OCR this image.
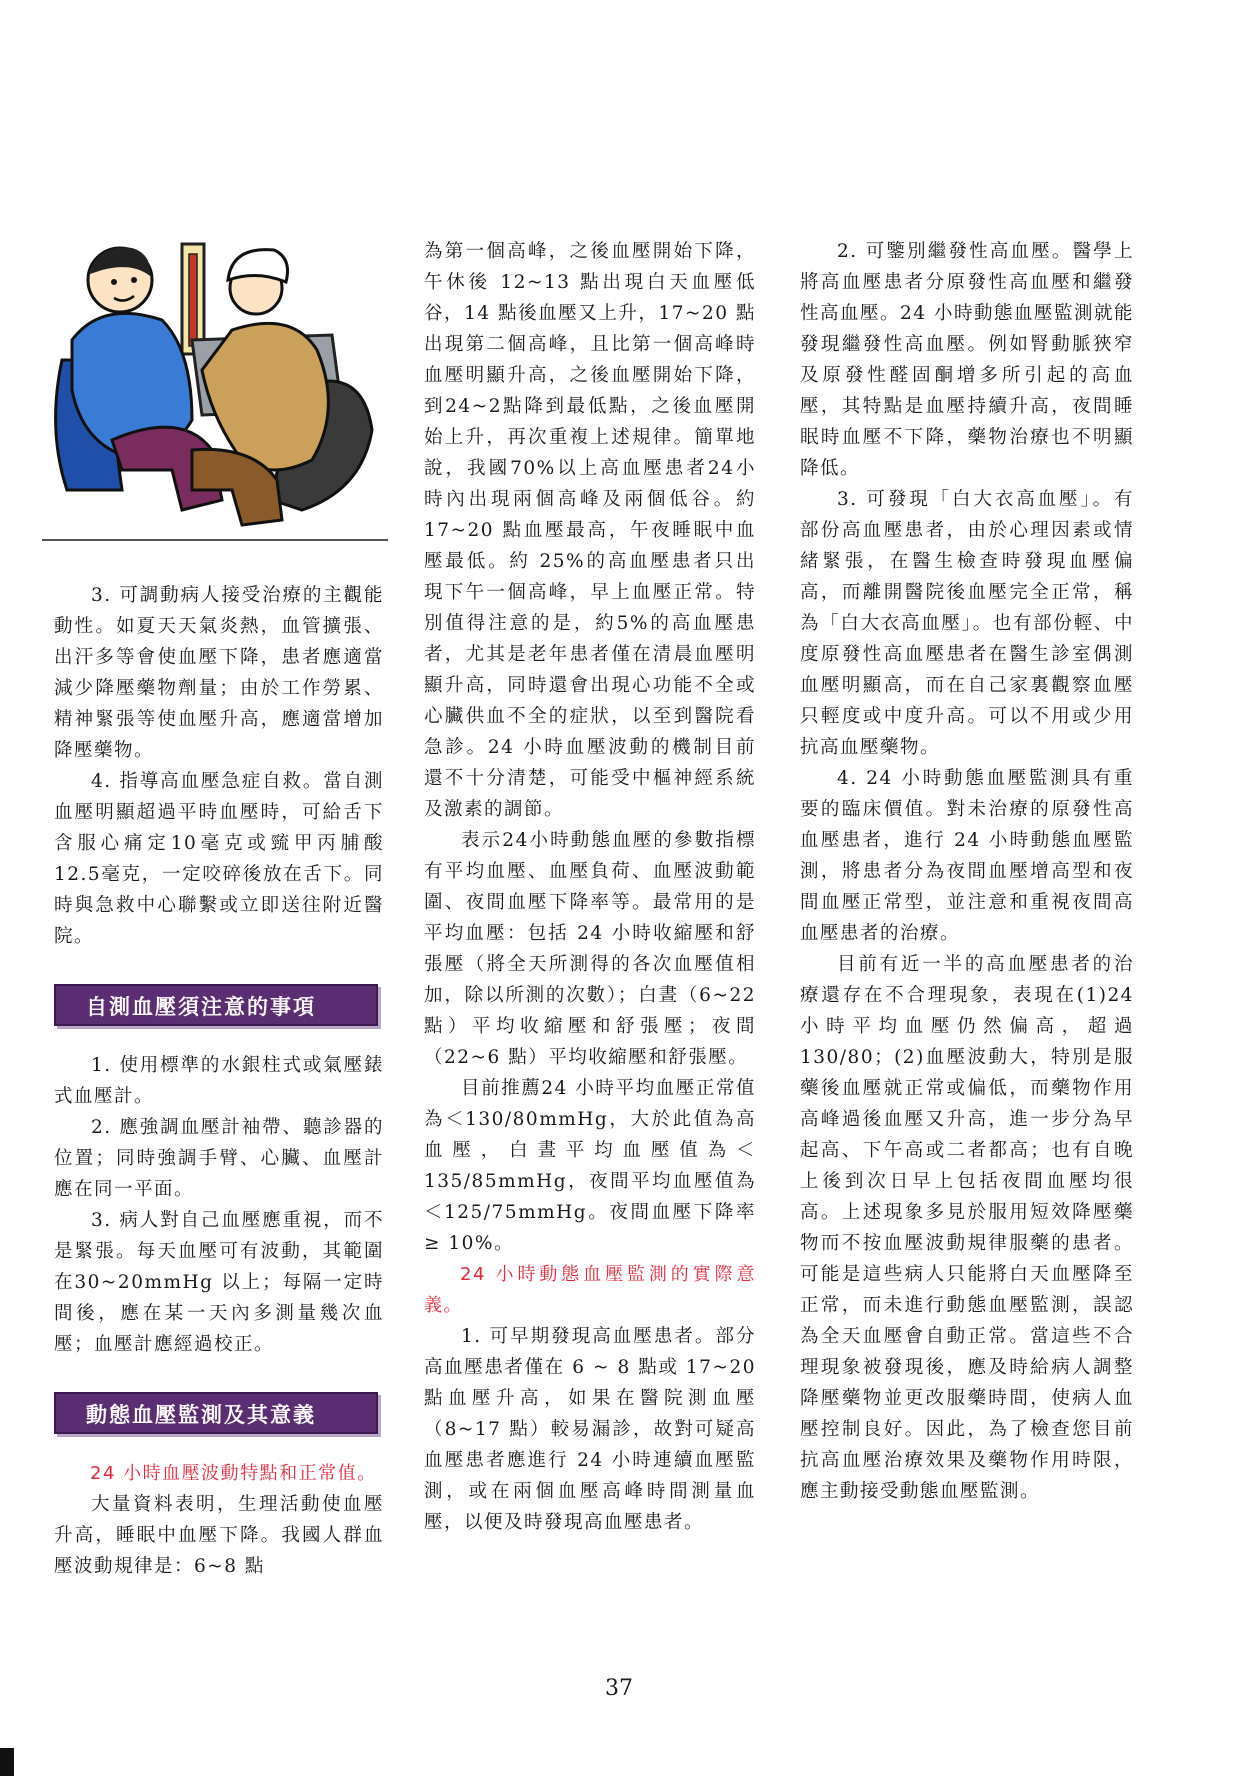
3. 可調動病人接受治療的主觀能動性。如夏天天氣炎熱，血管擴張、出汗多等會使血壓下降，患者應適當減少降壓藥物劑量；由於工作勞累、精神緊張等使血壓升高，應適當增加降壓藥物。

4. 指導高血壓急症自救。當自測血壓明顯超過平時血壓時，可給舌下含服心痛定10毫克或巰甲丙脯酸12.5毫克，一定咬碎後放在舌下。同時與急救中心聯繫或立即送往附近醫院。

自測血壓須注意的事項

1. 使用標準的水銀柱式或氣壓錶式血壓計。

2. 應強調血壓計袖帶、聽診器的位置；同時強調手臂、心臟、血壓計應在同一平面。

3. 病人對自己血壓應重視，而不是緊張。每天血壓可有波動，其範圍在30~20mmHg 以上；每隔一定時間後，應在某一天內多測量幾次血壓；血壓計應經過校正。

動態血壓監測及其意義

24 小時血壓波動特點和正常值。

大量資料表明，生理活動使血壓升高，睡眠中血壓下降。我國人群血壓波動規律是：6~8 點

為第一個高峰，之後血壓開始下降，午休後 12~13 點出現白天血壓低谷，14 點後血壓又上升，17~20 點出現第二個高峰，且比第一個高峰時血壓明顯升高，之後血壓開始下降，到24~2點降到最低點，之後血壓開始上升，再次重複上述規律。簡單地說，我國70%以上高血壓患者24小時內出現兩個高峰及兩個低谷。約17~20 點血壓最高，午夜睡眠中血壓最低。約 25%的高血壓患者只出現下午一個高峰，早上血壓正常。特別值得注意的是，約5%的高血壓患者，尤其是老年患者僅在清晨血壓明顯升高，同時還會出現心功能不全或心臟供血不全的症狀，以至到醫院看急診。24 小時血壓波動的機制目前還不十分清楚，可能受中樞神經系統及激素的調節。

表示24小時動態血壓的參數指標有平均血壓、血壓負荷、血壓波動範圍、夜間血壓下降率等。最常用的是平均血壓：包括 24 小時收縮壓和舒張壓（將全天所測得的各次血壓值相加，除以所測的次數）；白晝（6~22點）平均收縮壓和舒張壓；夜間（22~6 點）平均收縮壓和舒張壓。

目前推薦24 小時平均血壓正常值為＜130/80mmHg，大於此值為高血壓，白晝平均血壓值為＜135/85mmHg，夜間平均血壓值為＜125/75mmHg。夜間血壓下降率≥ 10%。

24 小時動態血壓監測的實際意義。

1. 可早期發現高血壓患者。部分高血壓患者僅在 6 ~ 8 點或 17~20 點血壓升高，如果在醫院測血壓（8~17 點）較易漏診，故對可疑高血壓患者應進行 24 小時連續血壓監測，或在兩個血壓高峰時間測量血壓，以便及時發現高血壓患者。

2. 可鑒別繼發性高血壓。醫學上將高血壓患者分原發性高血壓和繼發性高血壓。24 小時動態血壓監測就能發現繼發性高血壓。例如腎動脈狹窄及原發性醛固酮增多所引起的高血壓，其特點是血壓持續升高，夜間睡眠時血壓不下降，藥物治療也不明顯降低。

3. 可發現「白大衣高血壓」。有部份高血壓患者，由於心理因素或情緒緊張，在醫生檢查時發現血壓偏高，而離開醫院後血壓完全正常，稱為「白大衣高血壓」。也有部份輕、中度原發性高血壓患者在醫生診室偶測血壓明顯高，而在自己家裏觀察血壓只輕度或中度升高。可以不用或少用抗高血壓藥物。

4. 24 小時動態血壓監測具有重要的臨床價值。對未治療的原發性高血壓患者，進行 24 小時動態血壓監測，將患者分為夜間血壓增高型和夜間血壓正常型，並注意和重視夜間高血壓患者的治療。

目前有近一半的高血壓患者的治療還存在不合理現象，表現在(1)24小時平均血壓仍然偏高，超過130/80；(2)血壓波動大，特別是服藥後血壓就正常或偏低，而藥物作用高峰過後血壓又升高，進一步分為早起高、下午高或二者都高；也有自晚上後到次日早上包括夜間血壓均很高。上述現象多見於服用短效降壓藥物而不按血壓波動規律服藥的患者。可能是這些病人只能將白天血壓降至正常，而未進行動態血壓監測，誤認為全天血壓會自動正常。當這些不合理現象被發現後，應及時給病人調整降壓藥物並更改服藥時間，使病人血壓控制良好。因此，為了檢查您目前抗高血壓治療效果及藥物作用時限，應主動接受動態血壓監測。

37
